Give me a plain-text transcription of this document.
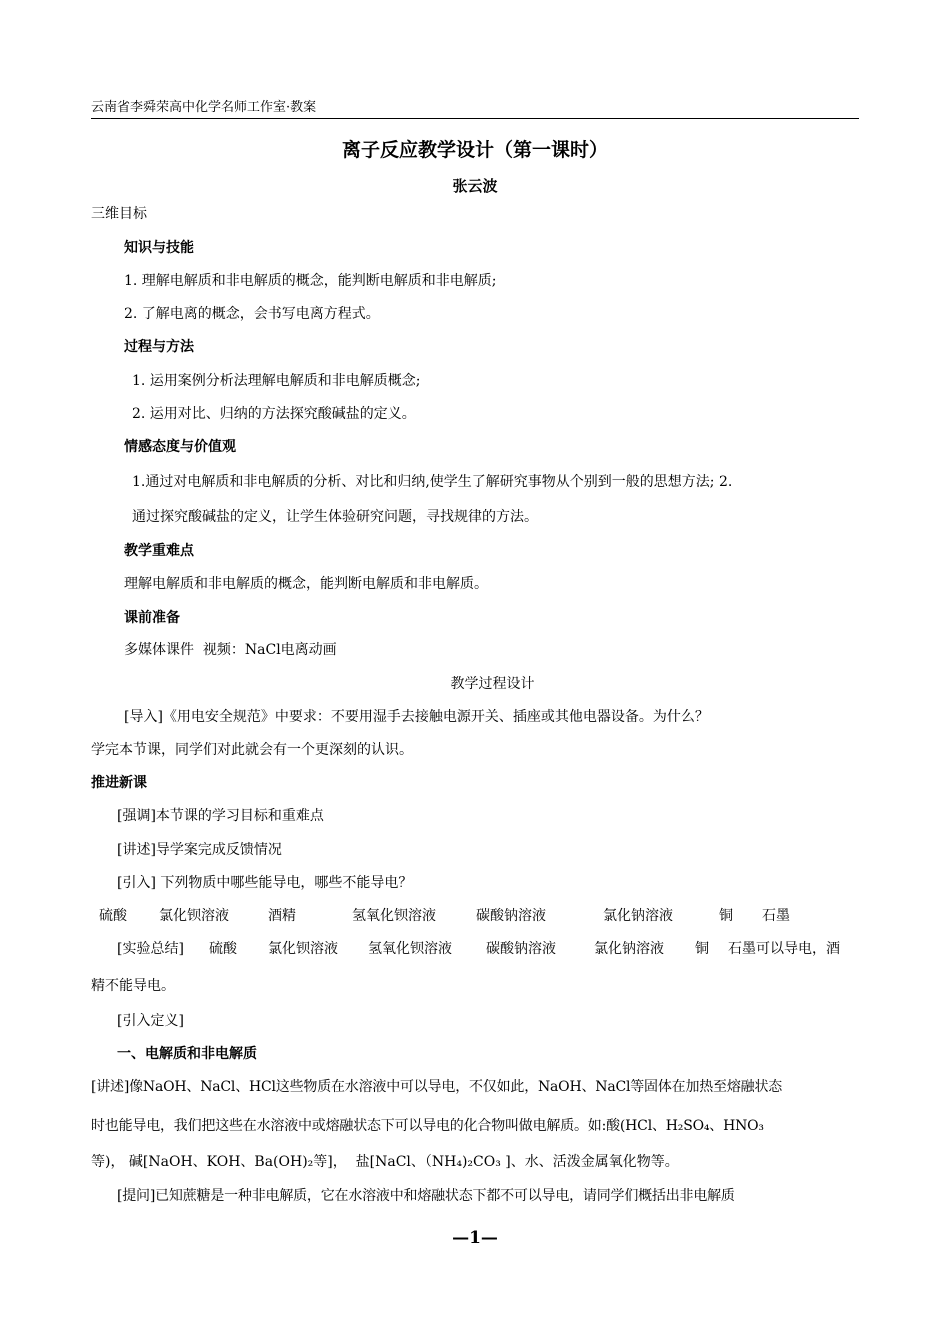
云南省李舜荣高中化学名师工作室·教案
离子反应教学设计（第一课时）
张云波
三维目标
知识与技能
1. 理解电解质和非电解质的概念，能判断电解质和非电解质;
2. 了解电离的概念，会书写电离方程式。
过程与方法
1. 运用案例分析法理解电解质和非电解质概念;
2. 运用对比、归纳的方法探究酸碱盐的定义。
情感态度与价值观
1.通过对电解质和非电解质的分析、对比和归纳,使学生了解研究事物从个别到一般的思想方法; 2.
通过探究酸碱盐的定义，让学生体验研究问题，寻找规律的方法。
教学重难点
理解电解质和非电解质的概念，能判断电解质和非电解质。
课前准备
多媒体课件  视频：NaCl电离动画
教学过程设计
[导入]《用电安全规范》中要求：不要用湿手去接触电源开关、插座或其他电器设备。为什么？
学完本节课，同学们对此就会有一个更深刻的认识。
推进新课
[强调]本节课的学习目标和重难点
[讲述]导学案完成反馈情况
[引入] 下列物质中哪些能导电，哪些不能导电？
硫酸 氯化钡溶液	酒精	氢氧化钡溶液	碳酸钠溶液	氯化钠溶液	铜 石墨
[实验总结] 硫酸 氯化钡溶液 氢氧化钡溶液 碳酸钠溶液	氯化钠溶液 铜 石墨可以导电，酒
精不能导电。
[引入定义]
一、电解质和非电解质
[讲述]像NaOH、NaCl、HCl这些物质在水溶液中可以导电，不仅如此，NaOH、NaCl等固体在加热至熔融状态
时也能导电，我们把这些在水溶液中或熔融状态下可以导电的化合物叫做电解质。如:酸(HCl、H₂SO₄、HNO₃
等)， 碱[NaOH、KOH、Ba(OH)₂等]，  盐[NaCl、（NH₄)₂CO₃ ]、水、活泼金属氧化物等。
[提问]已知蔗糖是一种非电解质，它在水溶液中和熔融状态下都不可以导电，请同学们概括出非电解质
—1—
